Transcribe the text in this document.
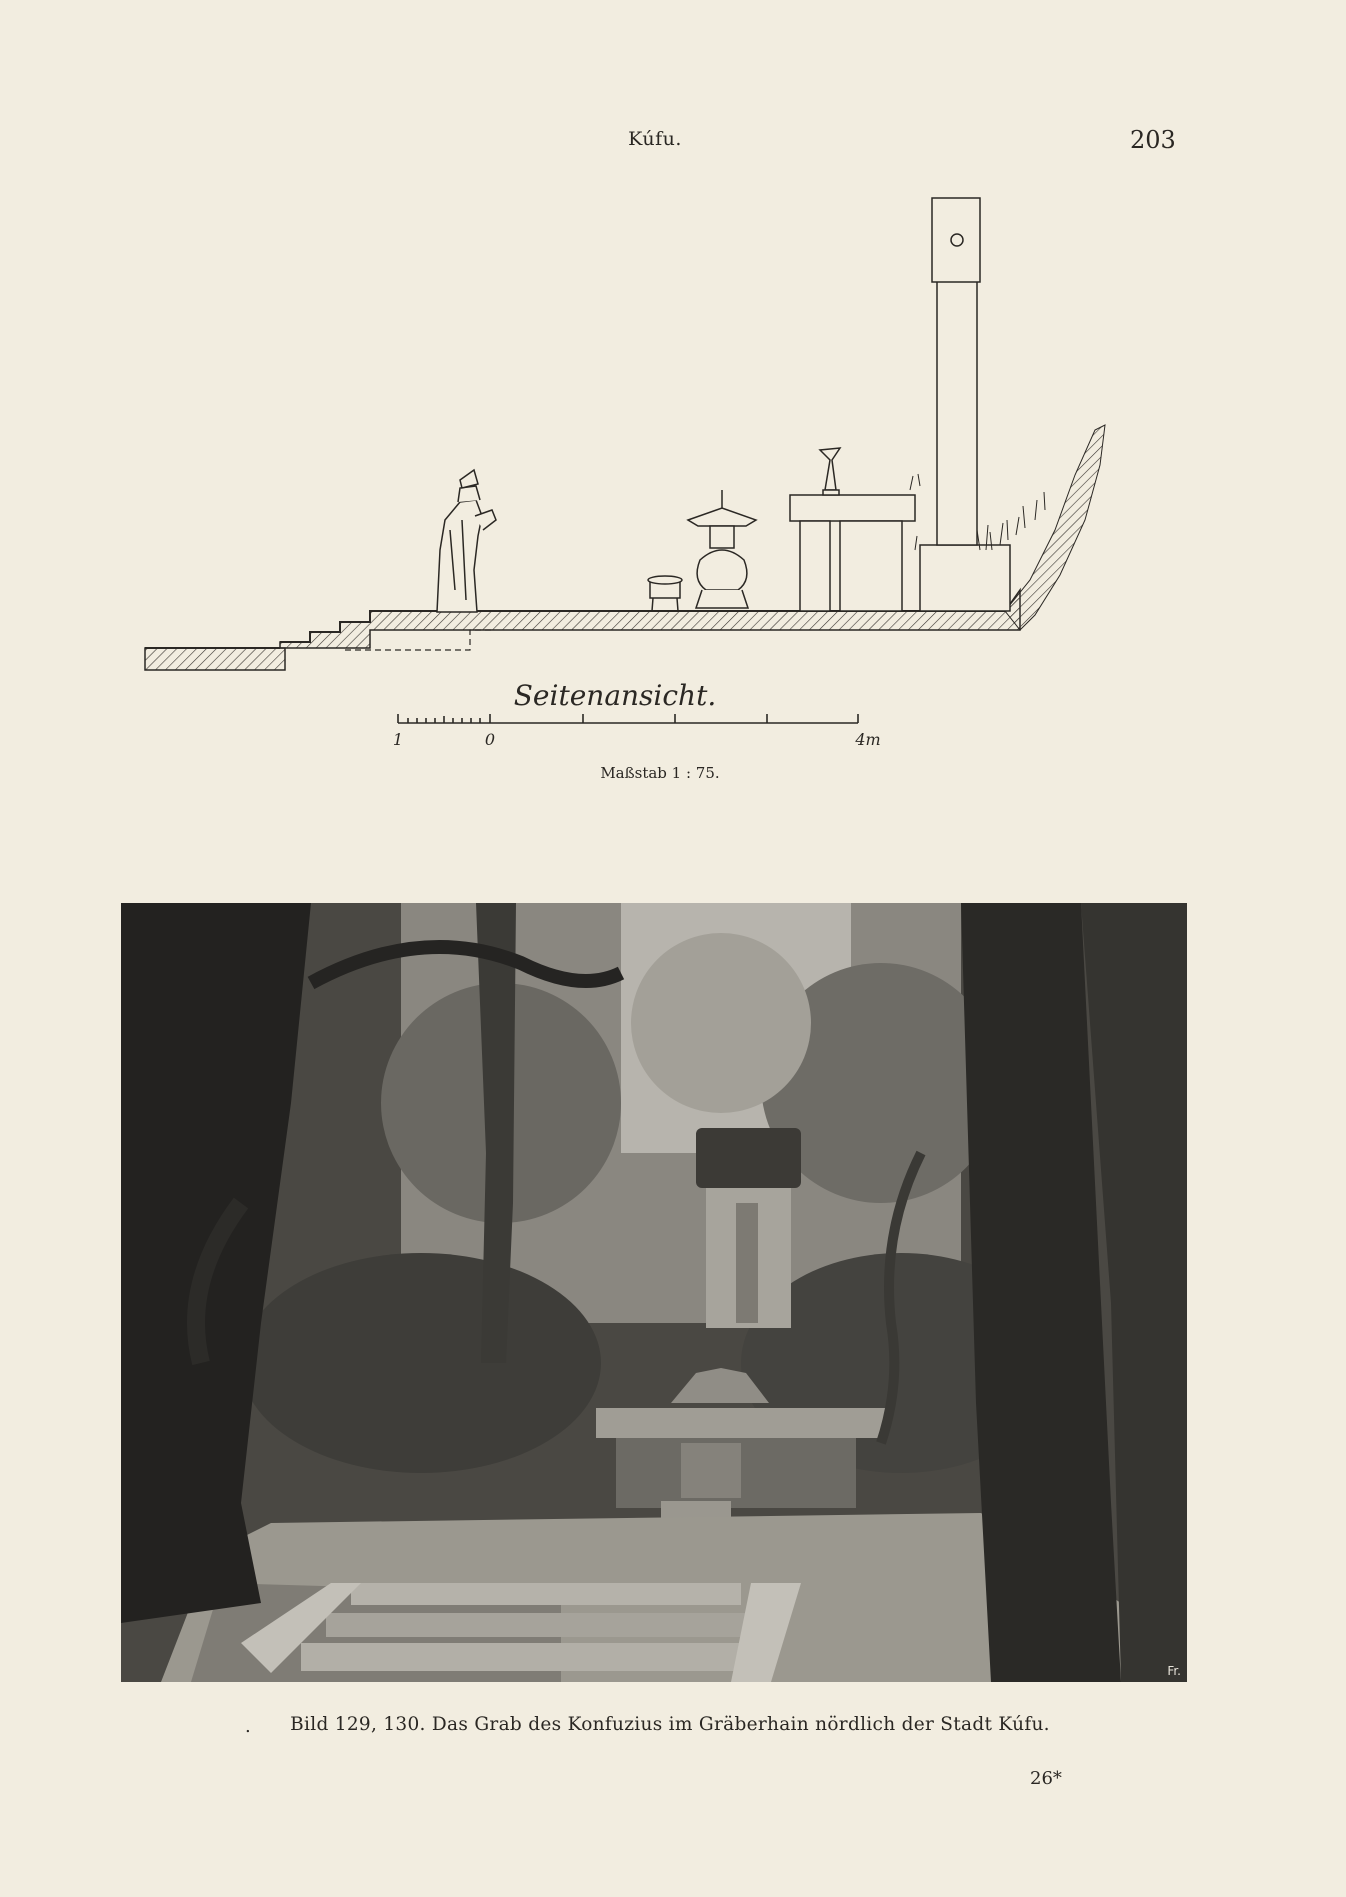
Kúfu.	203
Seitenansicht.
1	0	4m
Maßstab 1 : 75.
Fr.
.	Bild 129, 130. Das Grab des Konfuzius im Gräberhain nördlich der Stadt Kúfu.
26*
